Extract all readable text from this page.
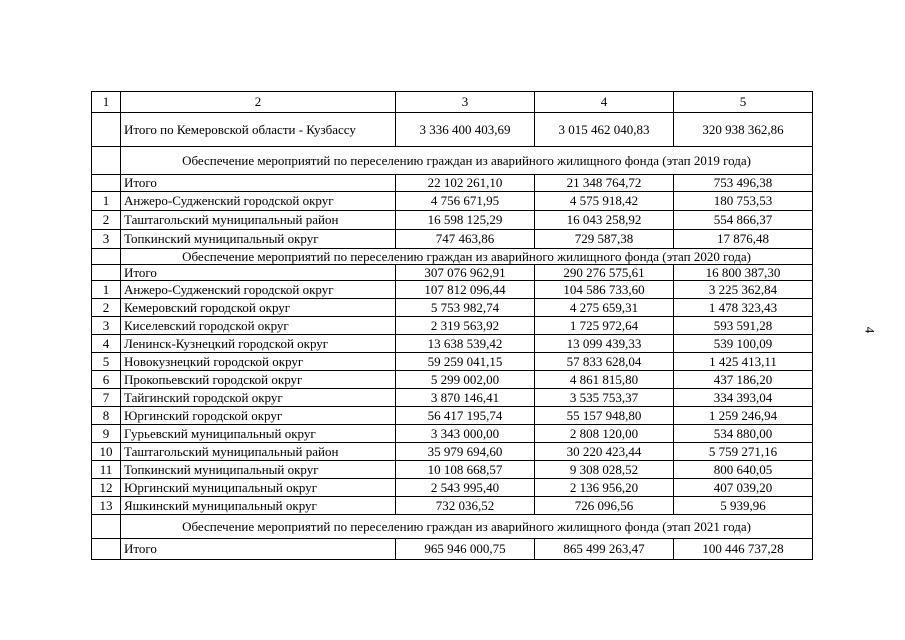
1	2	3	4	5
	Итого по Кемеровской области - Кузбассу	3 336 400 403,69	3 015 462 040,83	320 938 362,86
	Обеспечение мероприятий по переселению граждан из аварийного жилищного фонда (этап 2019 года)			
	Итого	22 102 261,10	21 348 764,72	753 496,38
1	Анжеро-Судженский городской округ	4 756 671,95	4 575 918,42	180 753,53
2	Таштагольский муниципальный район	16 598 125,29	16 043 258,92	554 866,37
3	Топкинский муниципальный округ	747 463,86	729 587,38	17 876,48
	Обеспечение мероприятий по переселению граждан из аварийного жилищного фонда (этап 2020 года)			
	Итого	307 076 962,91	290 276 575,61	16 800 387,30
1	Анжеро-Судженский городской округ	107 812 096,44	104 586 733,60	3 225 362,84
2	Кемеровский городской округ	5 753 982,74	4 275 659,31	1 478 323,43
3	Киселевский городской округ	2 319 563,92	1 725 972,64	593 591,28
4	Ленинск-Кузнецкий городской округ	13 638 539,42	13 099 439,33	539 100,09
5	Новокузнецкий городской округ	59 259 041,15	57 833 628,04	1 425 413,11
6	Прокопьевский городской округ	5 299 002,00	4 861 815,80	437 186,20
7	Тайгинский городской округ	3 870 146,41	3 535 753,37	334 393,04
8	Юргинский городской округ	56 417 195,74	55 157 948,80	1 259 246,94
9	Гурьевский муниципальный округ	3 343 000,00	2 808 120,00	534 880,00
10	Таштагольский муниципальный район	35 979 694,60	30 220 423,44	5 759 271,16
11	Топкинский муниципальный округ	10 108 668,57	9 308 028,52	800 640,05
12	Юргинский муниципальный округ	2 543 995,40	2 136 956,20	407 039,20
13	Яшкинский муниципальный округ	732 036,52	726 096,56	5 939,96
	Обеспечение мероприятий по переселению граждан из аварийного жилищного фонда (этап 2021 года)			
	Итого	965 946 000,75	865 499 263,47	100 446 737,28
4
